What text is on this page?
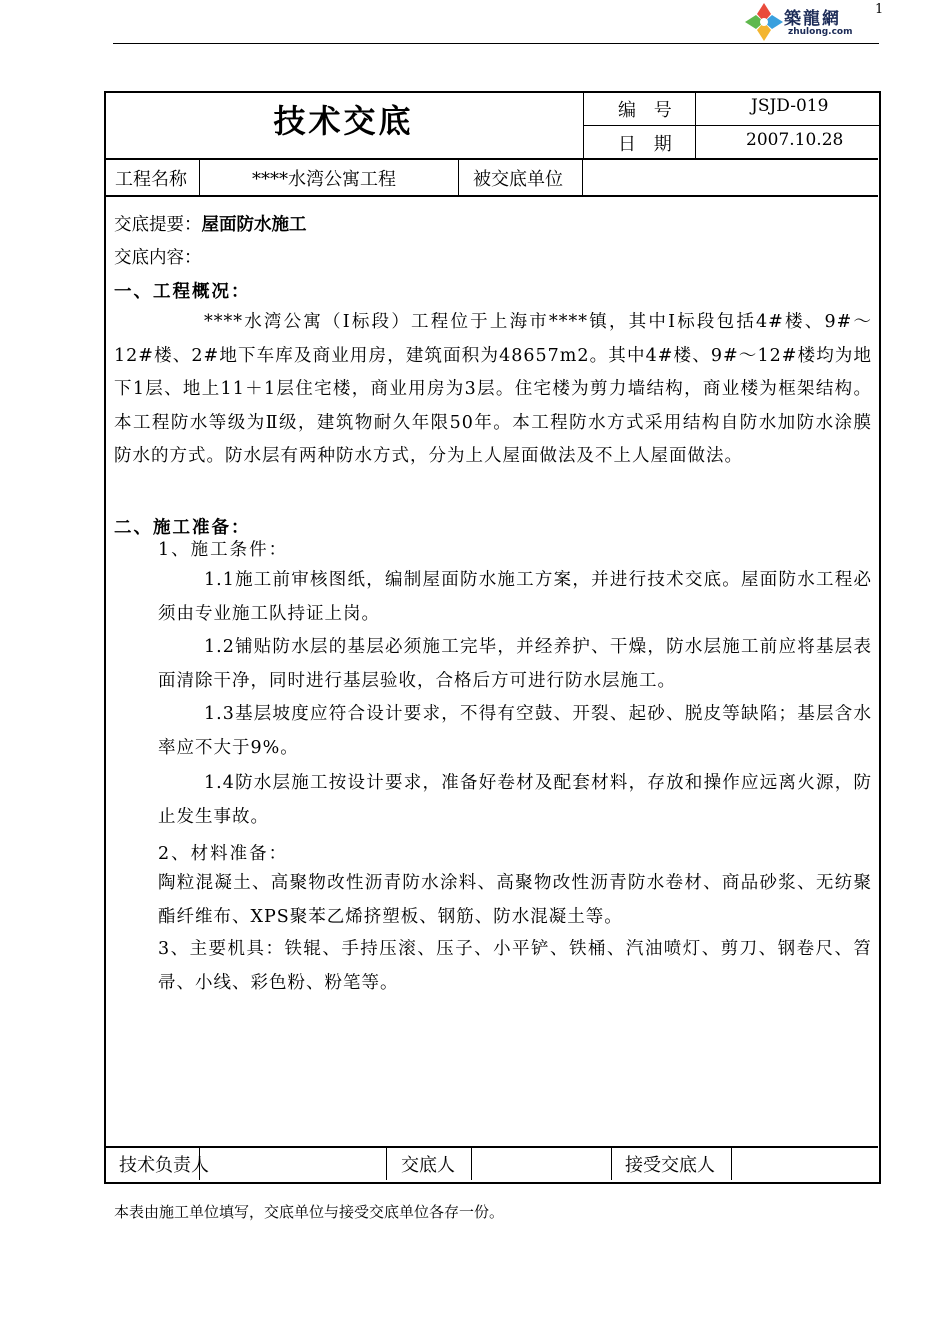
築龍網
zhulong.com
1
技术交底	编 号	JSJD-019
日 期	2007.10.28
工程名称	****水湾公寓工程	被交底单位
交底提要：屋面防水施工
交底内容：
一、工程概况：

****水湾公寓（Ⅰ标段）工程位于上海市****镇，其中Ⅰ标段包括4#楼、9#～12#楼、2#地下车库及商业用房，建筑面积为48657m2。其中4#楼、9#～12#楼均为地下1层、地上11＋1层住宅楼，商业用房为3层。住宅楼为剪力墙结构，商业楼为框架结构。本工程防水等级为Ⅱ级，建筑物耐久年限50年。本工程防水方式采用结构自防水加防水涂膜防水的方式。防水层有两种防水方式，分为上人屋面做法及不上人屋面做法。

二、施工准备：
1、施工条件：

1.1施工前审核图纸，编制屋面防水施工方案，并进行技术交底。屋面防水工程必须由专业施工队持证上岗。

1.2铺贴防水层的基层必须施工完毕，并经养护、干燥，防水层施工前应将基层表面清除干净，同时进行基层验收，合格后方可进行防水层施工。

1.3基层坡度应符合设计要求，不得有空鼓、开裂、起砂、脱皮等缺陷；基层含水率应不大于9%。

1.4防水层施工按设计要求，准备好卷材及配套材料，存放和操作应远离火源，防止发生事故。

2、材料准备：

陶粒混凝土、高聚物改性沥青防水涂料、高聚物改性沥青防水卷材、商品砂浆、无纺聚酯纤维布、XPS聚苯乙烯挤塑板、钢筋、防水混凝土等。

3、主要机具：铁辊、手持压滚、压子、小平铲、铁桶、汽油喷灯、剪刀、钢卷尺、笤帚、小线、彩色粉、粉笔等。

技术负责人	交底人	接受交底人
本表由施工单位填写，交底单位与接受交底单位各存一份。
